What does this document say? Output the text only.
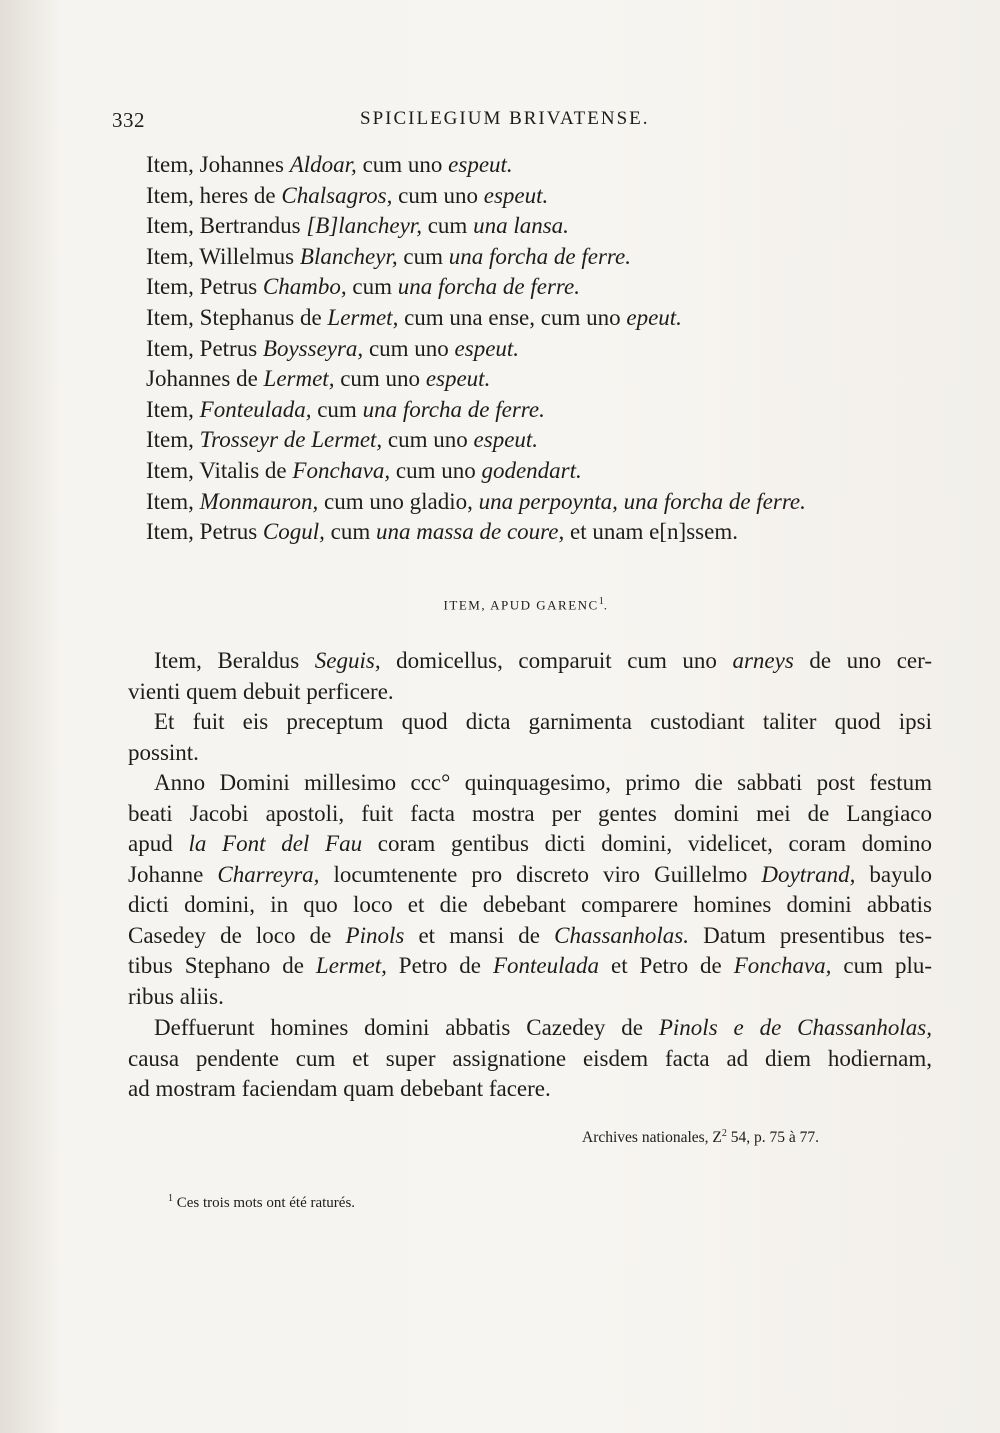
332	SPICILEGIUM BRIVATENSE.
Item, Johannes Aldoar, cum uno espeut.
Item, heres de Chalsagros, cum uno espeut.
Item, Bertrandus [B]lancheyr, cum una lansa.
Item, Willelmus Blancheyr, cum una forcha de ferre.
Item, Petrus Chambo, cum una forcha de ferre.
Item, Stephanus de Lermet, cum una ense, cum uno epeut.
Item, Petrus Boysseyra, cum uno espeut.
Johannes de Lermet, cum uno espeut.
Item, Fonteulada, cum una forcha de ferre.
Item, Trosseyr de Lermet, cum uno espeut.
Item, Vitalis de Fonchava, cum uno godendart.
Item, Monmauron, cum uno gladio, una perpoynta, una forcha de ferre.
Item, Petrus Cogul, cum una massa de coure, et unam e[n]ssem.
ITEM, APUD GARENC$^1$.
Item, Beraldus Seguis, domicellus, comparuit cum uno arneys de uno cer-
vienti quem debuit perficere.
Et fuit eis preceptum quod dicta garnimenta custodiant taliter quod ipsi
possint.
Anno Domini millesimo ccc° quinquagesimo, primo die sabbati post festum
beati Jacobi apostoli, fuit facta mostra per gentes domini mei de Langiaco
apud la Font del Fau coram gentibus dicti domini, videlicet, coram domino
Johanne Charreyra, locumtenente pro discreto viro Guillelmo Doytrand, bayulo
dicti domini, in quo loco et die debebant comparere homines domini abbatis
Casedey de loco de Pinols et mansi de Chassanholas. Datum presentibus tes-
tibus Stephano de Lermet, Petro de Fonteulada et Petro de Fonchava, cum plu-
ribus aliis.
Deffuerunt homines domini abbatis Cazedey de Pinols e de Chassanholas,
causa pendente cum et super assignatione eisdem facta ad diem hodiernam,
ad mostram faciendam quam debebant facere.
Archives nationales, $Z^2$ 54, p. 75 à 77.
$^1$ Ces trois mots ont été raturés.
